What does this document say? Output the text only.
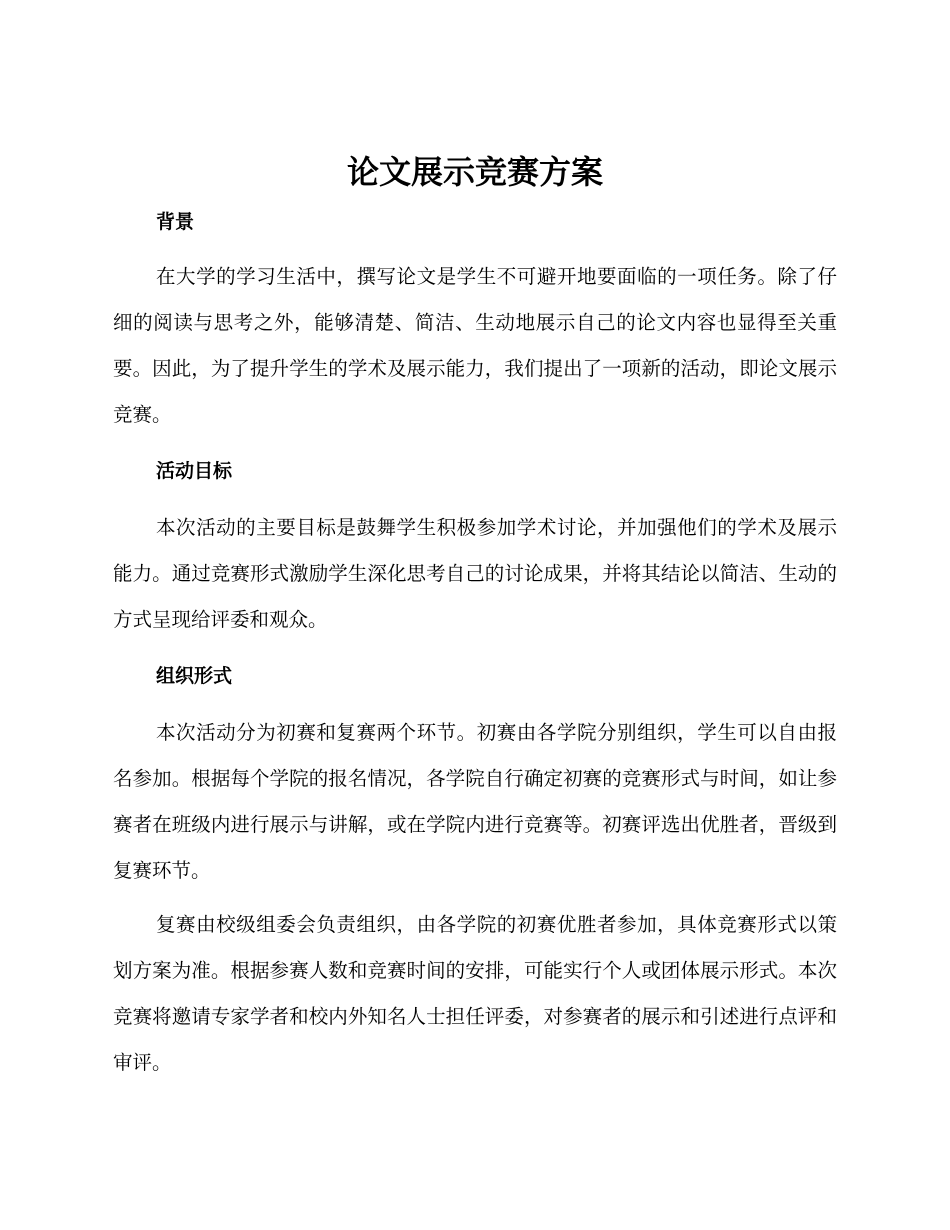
论文展示竞赛方案
背景

在大学的学习生活中，撰写论文是学生不可避开地要面临的一项任务。除了仔细的阅读与思考之外，能够清楚、简洁、生动地展示自己的论文内容也显得至关重要。因此，为了提升学生的学术及展示能力，我们提出了一项新的活动，即论文展示竞赛。

活动目标

本次活动的主要目标是鼓舞学生积极参加学术讨论，并加强他们的学术及展示能力。通过竞赛形式激励学生深化思考自己的讨论成果，并将其结论以简洁、生动的方式呈现给评委和观众。

组织形式

本次活动分为初赛和复赛两个环节。初赛由各学院分别组织，学生可以自由报名参加。根据每个学院的报名情况，各学院自行确定初赛的竞赛形式与时间，如让参赛者在班级内进行展示与讲解，或在学院内进行竞赛等。初赛评选出优胜者，晋级到复赛环节。

复赛由校级组委会负责组织，由各学院的初赛优胜者参加，具体竞赛形式以策划方案为准。根据参赛人数和竞赛时间的安排，可能实行个人或团体展示形式。本次竞赛将邀请专家学者和校内外知名人士担任评委，对参赛者的展示和引述进行点评和审评。
